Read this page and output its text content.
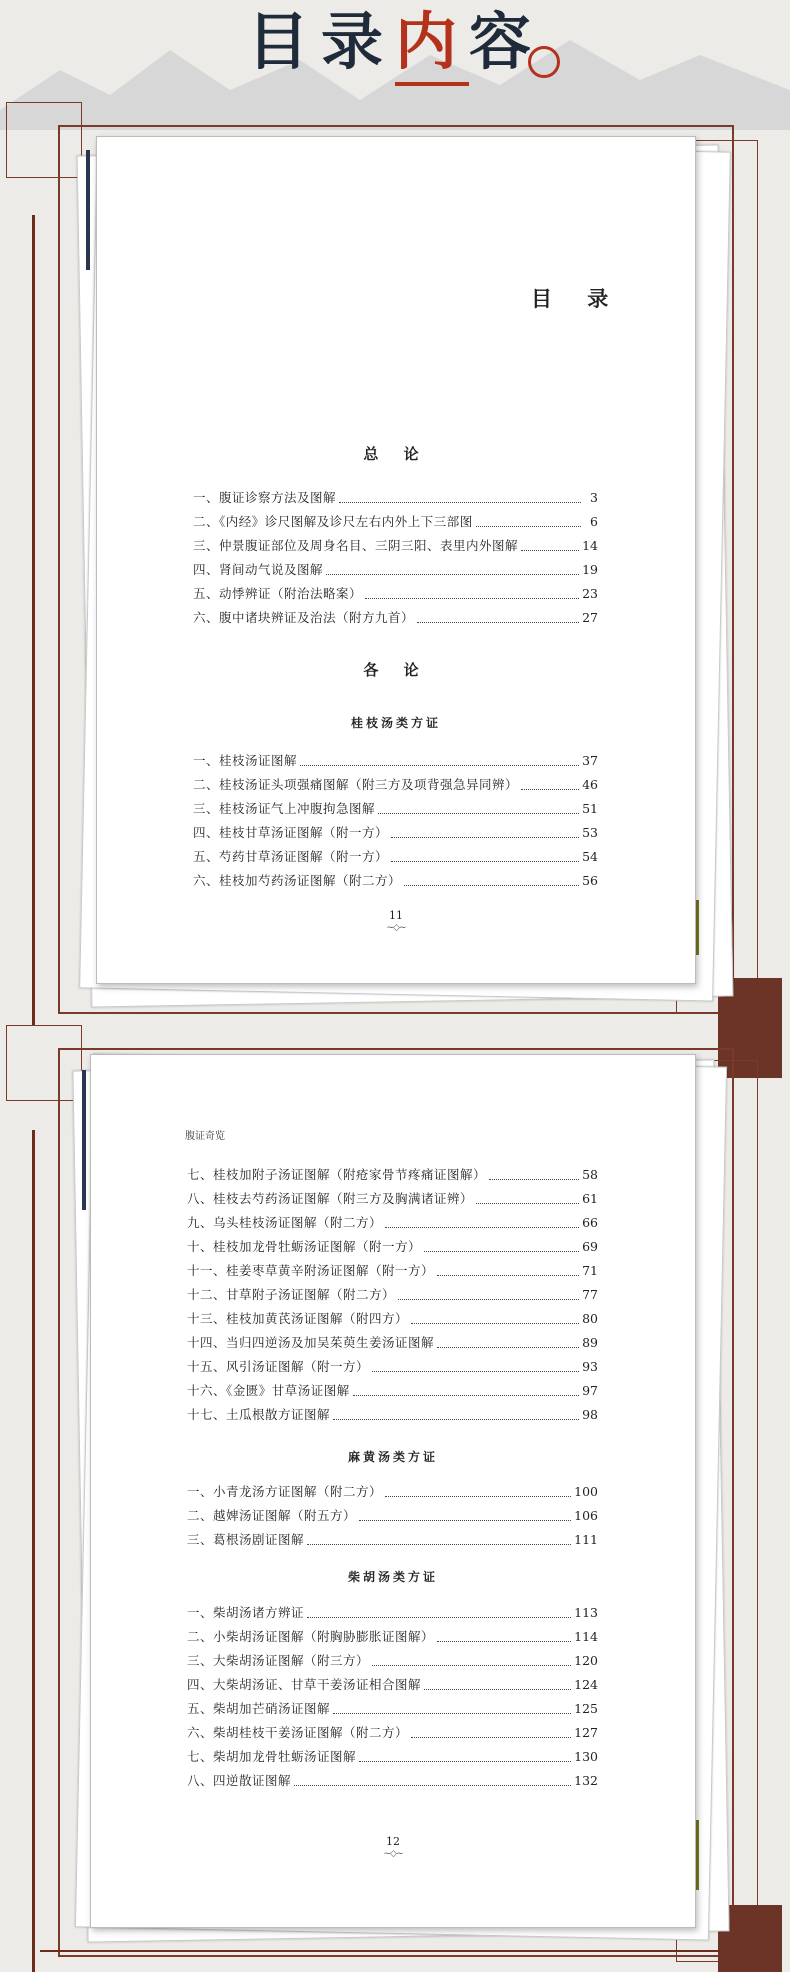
目录内容
目 录
总 论
一、腹证诊察方法及图解	3
二、《内经》诊尺图解及诊尺左右内外上下三部图	6
三、仲景腹证部位及周身名目、三阴三阳、表里内外图解	14
四、肾间动气说及图解	19
五、动悸辨证（附治法略案）	23
六、腹中诸块辨证及治法（附方九首）	27
各 论
桂枝汤类方证
一、桂枝汤证图解	37
二、桂枝汤证头项强痛图解（附三方及项背强急异同辨）	46
三、桂枝汤证气上冲腹拘急图解	51
四、桂枝甘草汤证图解（附一方）	53
五、芍药甘草汤证图解（附一方）	54
六、桂枝加芍药汤证图解（附二方）	56
11
~◇~
腹证奇览
七、桂枝加附子汤证图解（附疮家骨节疼痛证图解）	58
八、桂枝去芍药汤证图解（附三方及胸满诸证辨）	61
九、乌头桂枝汤证图解（附二方）	66
十、桂枝加龙骨牡蛎汤证图解（附一方）	69
十一、桂姜枣草黄辛附汤证图解（附一方）	71
十二、甘草附子汤证图解（附二方）	77
十三、桂枝加黄芪汤证图解（附四方）	80
十四、当归四逆汤及加吴茱萸生姜汤证图解	89
十五、风引汤证图解（附一方）	93
十六、《金匮》甘草汤证图解	97
十七、土瓜根散方证图解	98
麻黄汤类方证
一、小青龙汤方证图解（附二方）	100
二、越婢汤证图解（附五方）	106
三、葛根汤剧证图解	111
柴胡汤类方证
一、柴胡汤诸方辨证	113
二、小柴胡汤证图解（附胸胁膨胀证图解）	114
三、大柴胡汤证图解（附三方）	120
四、大柴胡汤证、甘草干姜汤证相合图解	124
五、柴胡加芒硝汤证图解	125
六、柴胡桂枝干姜汤证图解（附二方）	127
七、柴胡加龙骨牡蛎汤证图解	130
八、四逆散证图解	132
12
~◇~
